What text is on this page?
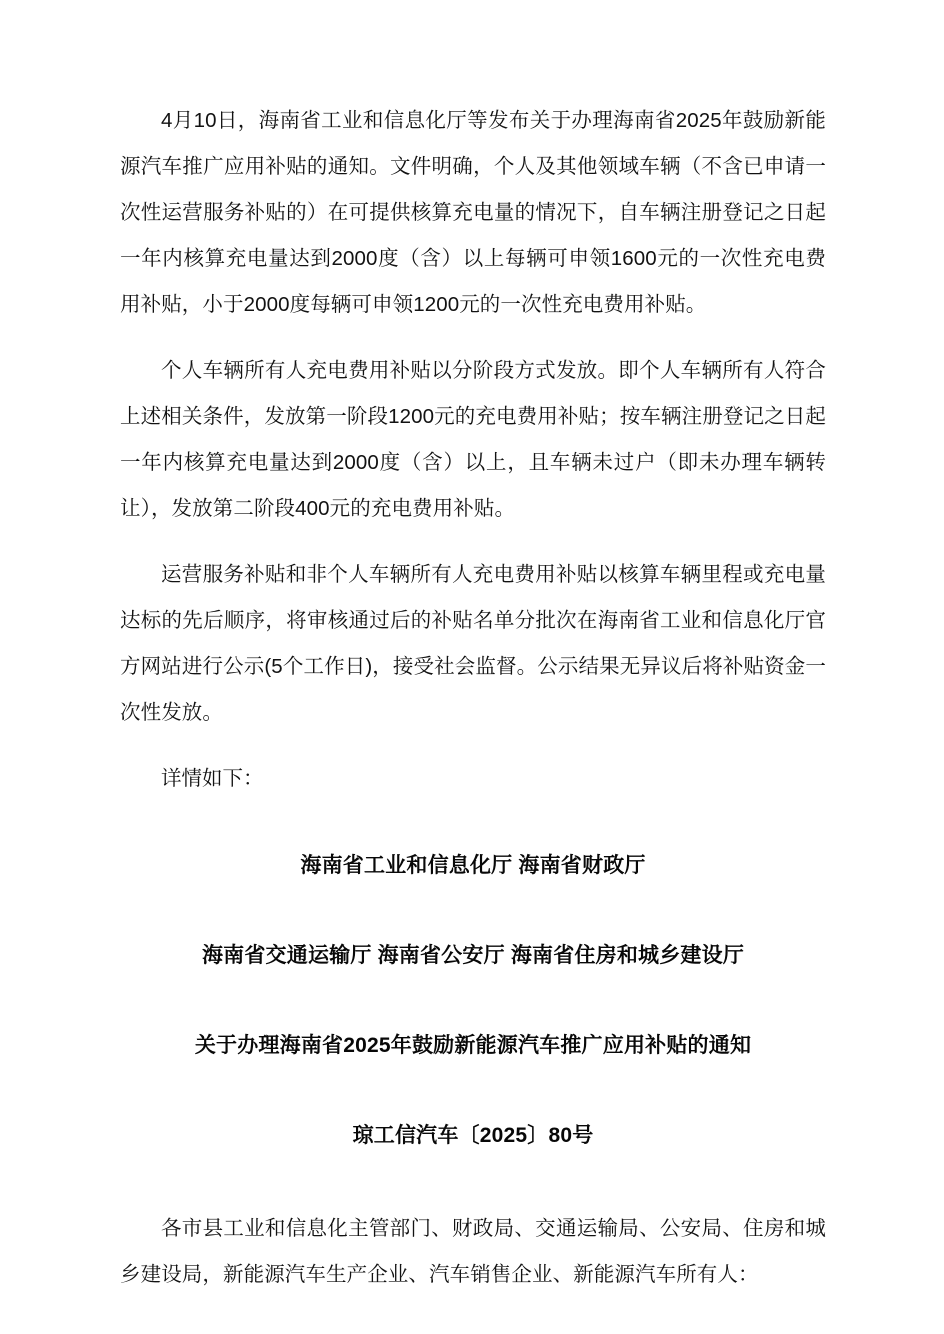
4月10日，海南省工业和信息化厅等发布关于办理海南省2025年鼓励新能源汽车推广应用补贴的通知。文件明确，个人及其他领域车辆（不含已申请一次性运营服务补贴的）在可提供核算充电量的情况下，自车辆注册登记之日起一年内核算充电量达到2000度（含）以上每辆可申领1600元的一次性充电费用补贴，小于2000度每辆可申领1200元的一次性充电费用补贴。

个人车辆所有人充电费用补贴以分阶段方式发放。即个人车辆所有人符合上述相关条件，发放第一阶段1200元的充电费用补贴；按车辆注册登记之日起一年内核算充电量达到2000度（含）以上，且车辆未过户（即未办理车辆转让），发放第二阶段400元的充电费用补贴。

运营服务补贴和非个人车辆所有人充电费用补贴以核算车辆里程或充电量达标的先后顺序，将审核通过后的补贴名单分批次在海南省工业和信息化厅官方网站进行公示(5个工作日)，接受社会监督。公示结果无异议后将补贴资金一次性发放。

详情如下：

海南省工业和信息化厅 海南省财政厅

海南省交通运输厅 海南省公安厅 海南省住房和城乡建设厅

关于办理海南省2025年鼓励新能源汽车推广应用补贴的通知

琼工信汽车〔2025〕80号

各市县工业和信息化主管部门、财政局、交通运输局、公安局、住房和城乡建设局，新能源汽车生产企业、汽车销售企业、新能源汽车所有人：
